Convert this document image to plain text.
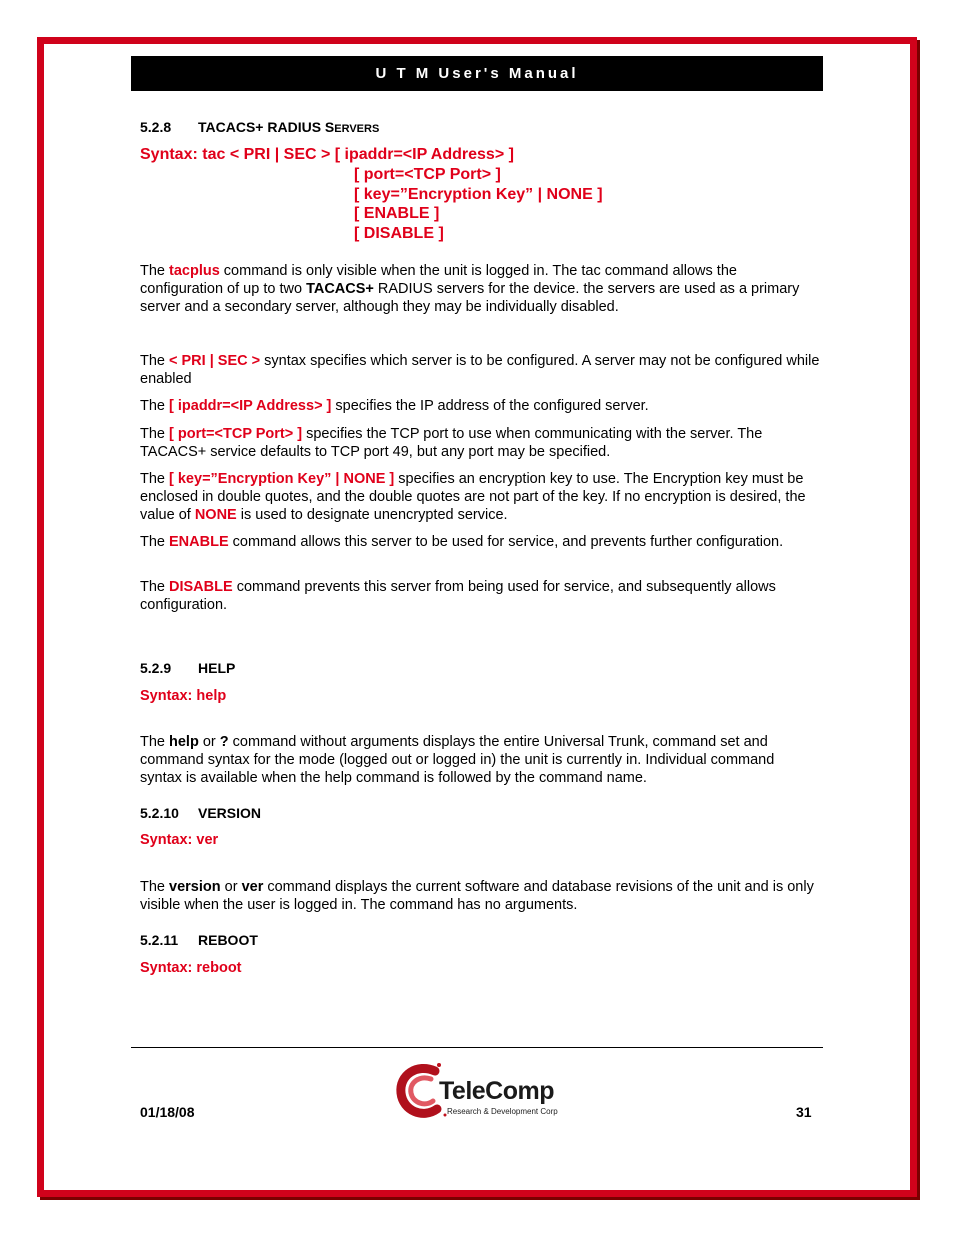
U T M User's Manual
5.2.8 TACACS+ RADIUS SERVERS
Syntax: tac < PRI | SEC > [ ipaddr=<IP Address> ]
[ port=<TCP Port> ]
[ key=”Encryption Key” | NONE ]
[ ENABLE ]
[ DISABLE ]
The tacplus command is only visible when the unit is logged in. The tac command allows the configuration of up to two TACACS+ RADIUS servers for the device. the servers are used as a primary server and a secondary server, although they may be individually disabled.
The < PRI | SEC > syntax specifies which server is to be configured. A server may not be configured while enabled
The [ ipaddr=<IP Address> ] specifies the IP address of the configured server.
The [ port=<TCP Port> ] specifies the TCP port to use when communicating with the server. The TACACS+ service defaults to TCP port 49, but any port may be specified.
The [ key=”Encryption Key” | NONE ] specifies an encryption key to use. The Encryption key must be enclosed in double quotes, and the double quotes are not part of the key. If no encryption is desired, the value of NONE is used to designate unencrypted service.
The ENABLE command allows this server to be used for service, and prevents further configuration.
The DISABLE command prevents this server from being used for service, and subsequently allows configuration.
5.2.9 HELP
Syntax: help
The help or ? command without arguments displays the entire Universal Trunk, command set and command syntax for the mode (logged out or logged in) the unit is currently in. Individual command syntax is available when the help command is followed by the command name.
5.2.10 VERSION
Syntax: ver
The version or ver command displays the current software and database revisions of the unit and is only visible when the user is logged in. The command has no arguments.
5.2.11 REBOOT
Syntax: reboot
01/18/08	31
TeleComp
Research & Development Corp
